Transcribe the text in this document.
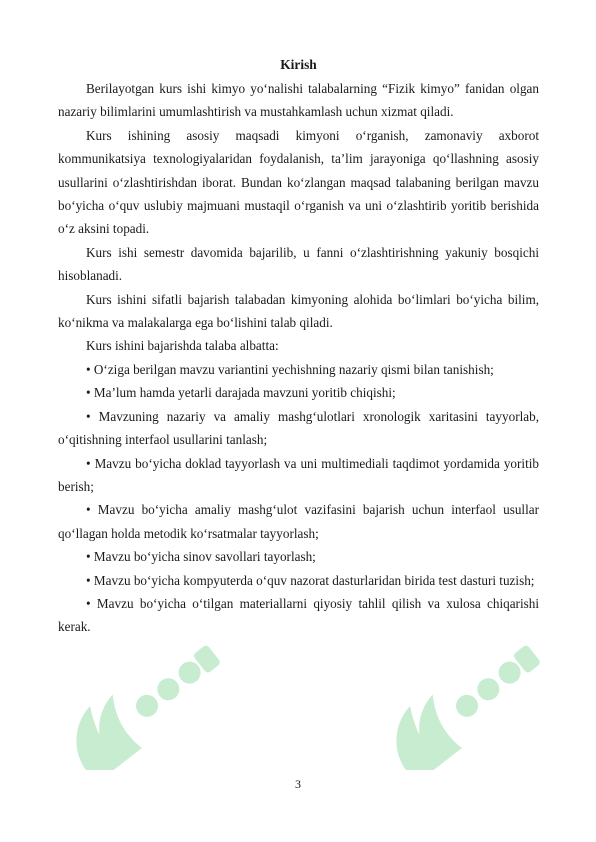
Kirish

Berilayotgan kurs ishi kimyo yo‘nalishi talabalarning “Fizik kimyo” fanidan olgan nazariy bilimlarini umumlashtirish va mustahkamlash uchun xizmat qiladi.

Kurs ishining asosiy maqsadi kimyoni o‘rganish, zamonaviy axborot kommunikatsiya texnologiyalaridan foydalanish, ta’lim jarayoniga qo‘llashning asosiy usullarini o‘zlashtirishdan iborat. Bundan ko‘zlangan maqsad talabaning berilgan mavzu bo‘yicha o‘quv uslubiy majmuani mustaqil o‘rganish va uni o‘zlashtirib yoritib berishida o‘z aksini topadi.

Kurs ishi semestr davomida bajarilib, u fanni o‘zlashtirishning yakuniy bosqichi hisoblanadi.

Kurs ishini sifatli bajarish talabadan kimyoning alohida bo‘limlari bo‘yicha bilim, ko‘nikma va malakalarga ega bo‘lishini talab qiladi.

Kurs ishini bajarishda talaba albatta:

• O‘ziga berilgan mavzu variantini yechishning nazariy qismi bilan tanishish;

• Ma’lum hamda yetarli darajada mavzuni yoritib chiqishi;

• Mavzuning nazariy va amaliy mashg‘ulotlari xronologik xaritasini tayyorlab, o‘qitishning interfaol usullarini tanlash;

• Mavzu bo‘yicha doklad tayyorlash va uni multimediali taqdimot yordamida yoritib berish;

• Mavzu bo‘yicha amaliy mashg‘ulot vazifasini bajarish uchun interfaol usullar qo‘llagan holda metodik ko‘rsatmalar tayyorlash;

• Mavzu bo‘yicha sinov savollari tayorlash;

• Mavzu bo‘yicha kompyuterda o‘quv nazorat dasturlaridan birida test dasturi tuzish;

• Mavzu bo‘yicha o‘tilgan materiallarni qiyosiy tahlil qilish va xulosa chiqarishi kerak.

3
